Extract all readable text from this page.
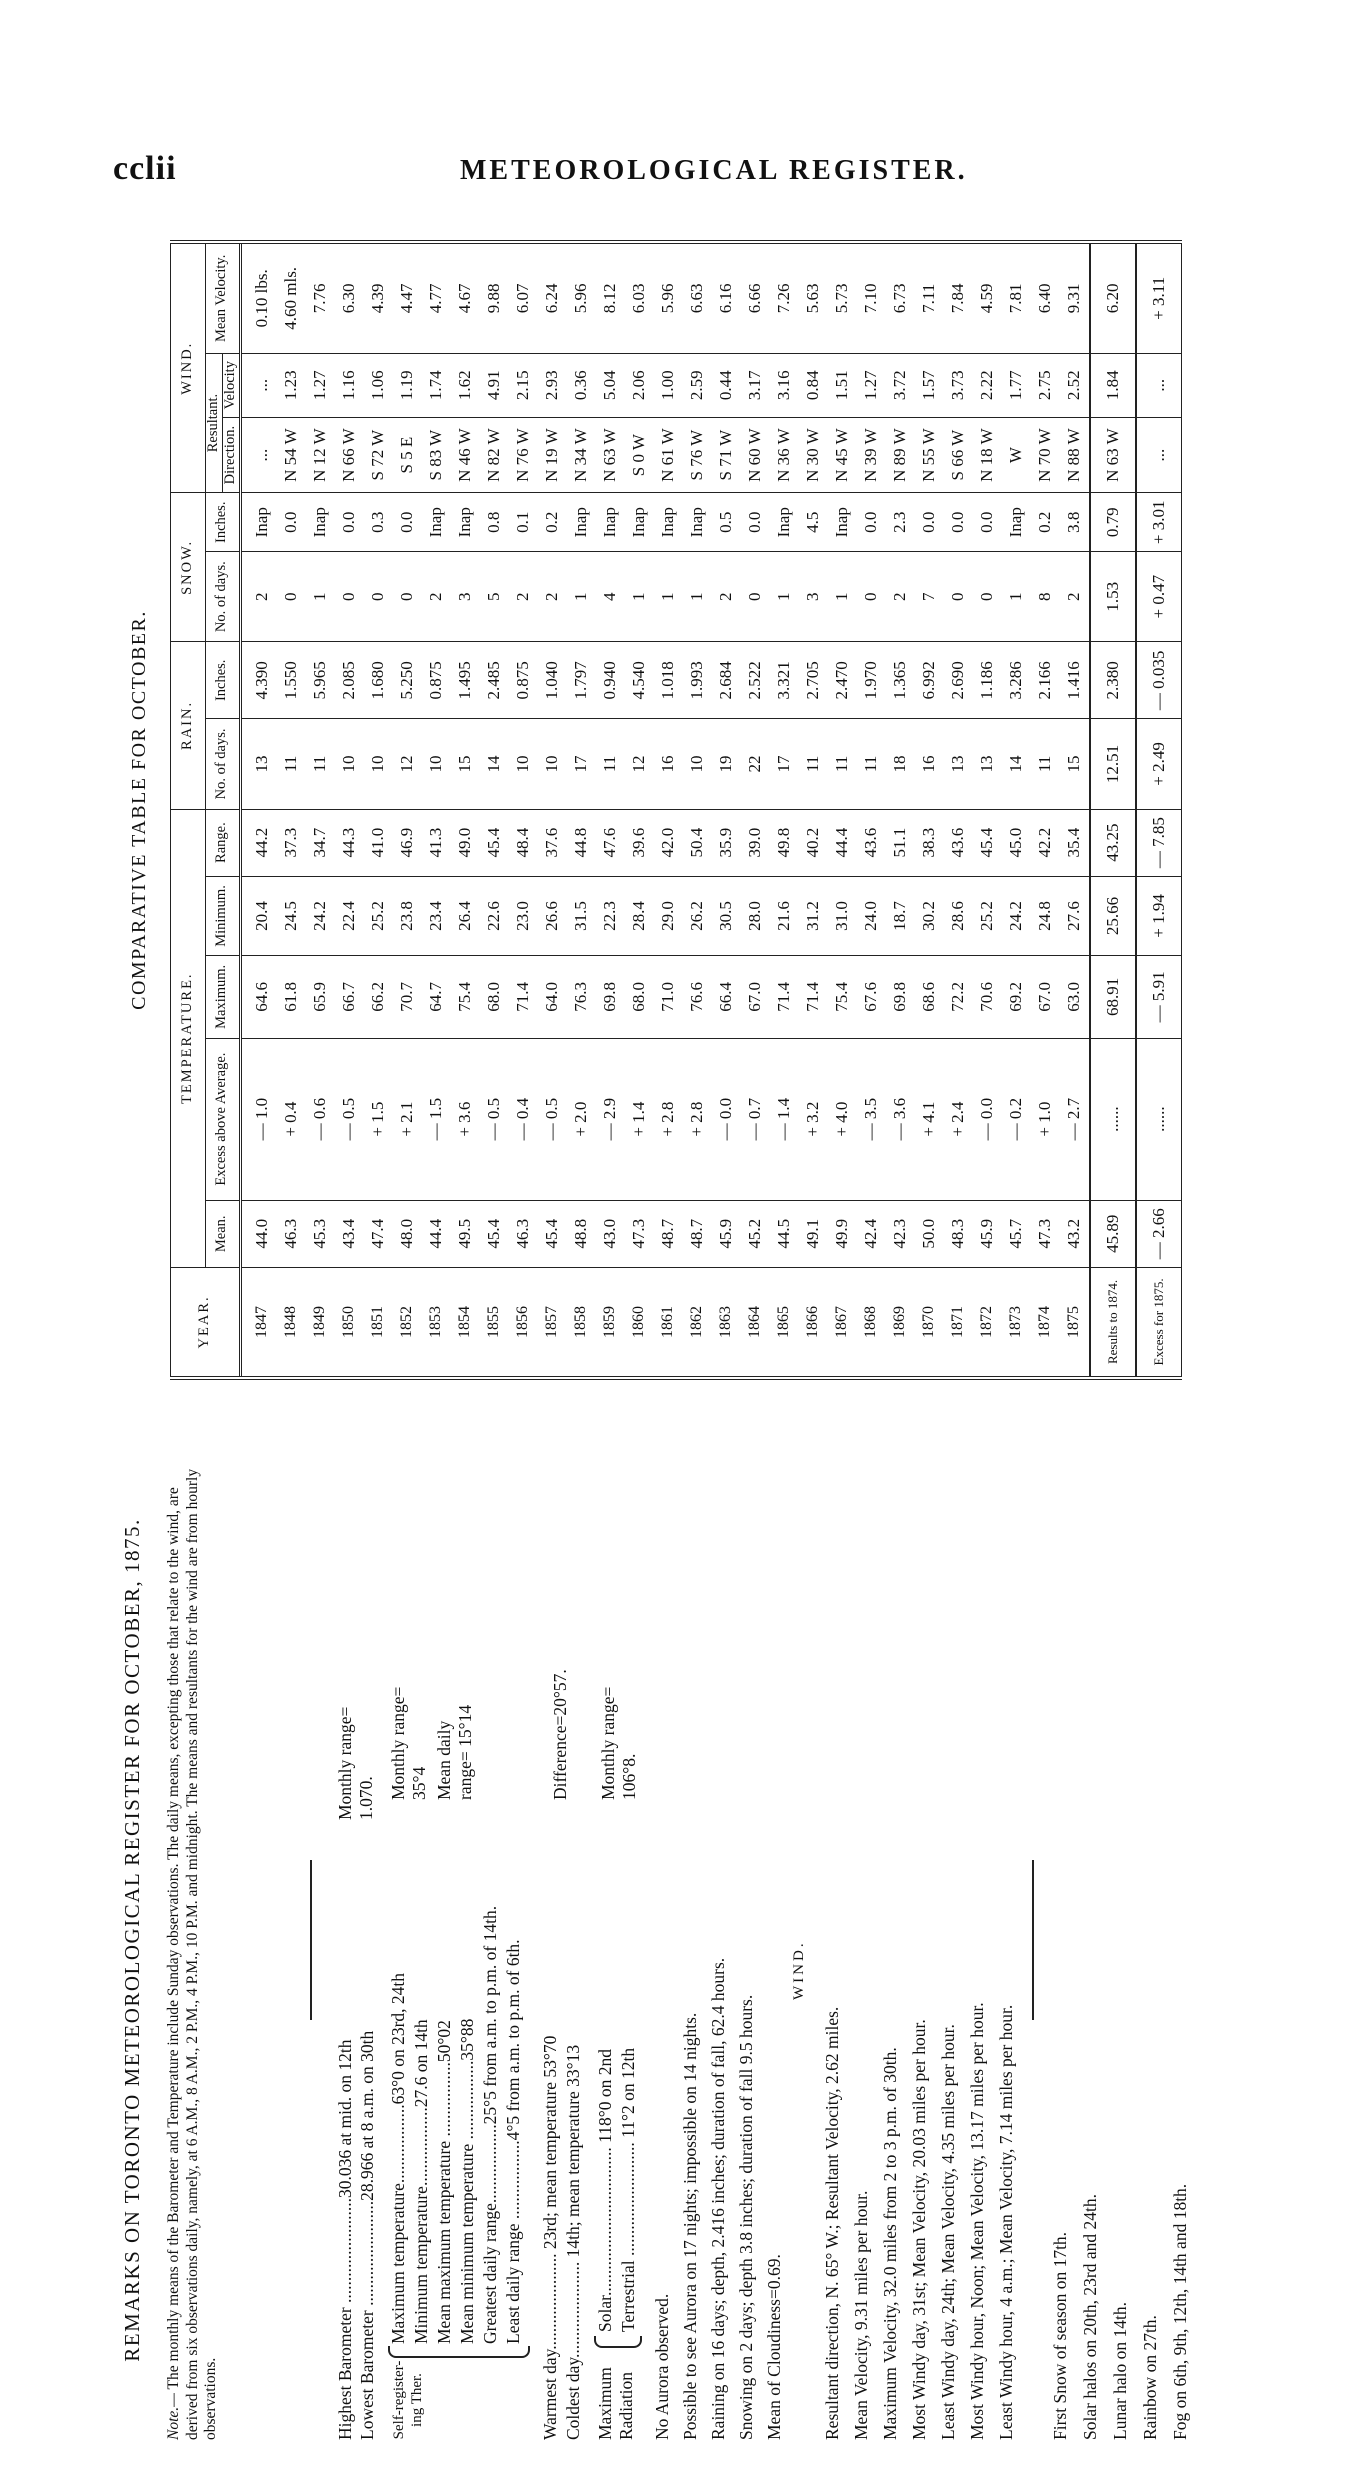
cclii	METEOROLOGICAL REGISTER.
REMARKS ON TORONTO METEOROLOGICAL REGISTER FOR OCTOBER, 1875.
Note.— The monthly means of the Barometer and Temperature include Sunday observations. The daily means, excepting those that relate to the wind, are derived from six observations daily, namely, at 6 A.M., 8 A.M., 2 P.M., 4 P.M., 10 P.M. and midnight. The means and resultants for the wind are from hourly observations.	Highest Barometer ........................30.036 at mid. on 12th Lowest Barometer ........................28.966 at 8 a.m. on 30th
Monthly range= 1.070.
Self-register-ing Ther.
Maximum temperature..................63°0 on 23rd, 24th Minimum temperature..................27.6 on 14th Mean maximum temperature .................50°02 Mean minimum temperature ..................35°88 Greatest daily range..................25°5 from a.m. to p.m. of 14th. Least daily range ..................4°5 from a.m. to p.m. of 6th.
Monthly range= 35°4 Mean daily range= 15°14
Warmest day...................... 23rd; mean temperature 53°70 Coldest day...................... 14th; mean temperature 33°13
Difference=20°57.
Maximum Radiation
Solar.................................. 118°0 on 2nd Terrestrial .......................... 11°2 on 12th
Monthly range= 106°8.
No Aurora observed. Possible to see Aurora on 17 nights; impossible on 14 nights. Raining on 16 days; depth, 2.416 inches; duration of fall, 62.4 hours. Snowing on 2 days; depth 3.8 inches; duration of fall 9.5 hours. Mean of Cloudiness=0.69.
WIND.
Resultant direction, N. 65° W.; Resultant Velocity, 2.62 miles. Mean Velocity, 9.31 miles per hour. Maximum Velocity, 32.0 miles from 2 to 3 p.m. of 30th. Most Windy day, 31st; Mean Velocity, 20.03 miles per hour. Least Windy day, 24th; Mean Velocity, 4.35 miles per hour. Most Windy hour, Noon; Mean Velocity, 13.17 miles per hour. Least Windy hour, 4 a.m.; Mean Velocity, 7.14 miles per hour. First Snow of season on 17th. Solar halos on 20th, 23rd and 24th. Lunar halo on 14th. Rainbow on 27th. Fog on 6th, 9th, 12th, 14th and 18th.
COMPARATIVE TABLE FOR OCTOBER.
YEAR.	TEMPERATURE.					RAIN.		SNOW.		WIND.		
	Mean.	Excess above Average.	Maximum.	Minimum.	Range.	No. of days.	Inches.	No. of days.	Inches.	Resultant.		Mean Velocity.
										Direction.	Velocity	
1847	44.0	— 1.0	64.6	20.4	44.2	13	4.390	2	Inap	...	...	0.10 lbs.
1848	46.3	+ 0.4	61.8	24.5	37.3	11	1.550	0	0.0	N 54 W	1.23	4.60 mls.
1849	45.3	— 0.6	65.9	24.2	34.7	11	5.965	1	Inap	N 12 W	1.27	7.76
1850	43.4	— 0.5	66.7	22.4	44.3	10	2.085	0	0.0	N 66 W	1.16	6.30
1851	47.4	+ 1.5	66.2	25.2	41.0	10	1.680	0	0.3	S 72 W	1.06	4.39
1852	48.0	+ 2.1	70.7	23.8	46.9	12	5.250	0	0.0	S 5 E	1.19	4.47
1853	44.4	— 1.5	64.7	23.4	41.3	10	0.875	2	Inap	S 83 W	1.74	4.77
1854	49.5	+ 3.6	75.4	26.4	49.0	15	1.495	3	Inap	N 46 W	1.62	4.67
1855	45.4	— 0.5	68.0	22.6	45.4	14	2.485	5	0.8	N 82 W	4.91	9.88
1856	46.3	— 0.4	71.4	23.0	48.4	10	0.875	2	0.1	N 76 W	2.15	6.07
1857	45.4	— 0.5	64.0	26.6	37.6	10	1.040	2	0.2	N 19 W	2.93	6.24
1858	48.8	+ 2.0	76.3	31.5	44.8	17	1.797	1	Inap	N 34 W	0.36	5.96
1859	43.0	— 2.9	69.8	22.3	47.6	11	0.940	4	Inap	N 63 W	5.04	8.12
1860	47.3	+ 1.4	68.0	28.4	39.6	12	4.540	1	Inap	S 0 W	2.06	6.03
1861	48.7	+ 2.8	71.0	29.0	42.0	16	1.018	1	Inap	N 61 W	1.00	5.96
1862	48.7	+ 2.8	76.6	26.2	50.4	10	1.993	1	Inap	S 76 W	2.59	6.63
1863	45.9	— 0.0	66.4	30.5	35.9	19	2.684	2	0.5	S 71 W	0.44	6.16
1864	45.2	— 0.7	67.0	28.0	39.0	22	2.522	0	0.0	N 60 W	3.17	6.66
1865	44.5	— 1.4	71.4	21.6	49.8	17	3.321	1	Inap	N 36 W	3.16	7.26
1866	49.1	+ 3.2	71.4	31.2	40.2	11	2.705	3	4.5	N 30 W	0.84	5.63
1867	49.9	+ 4.0	75.4	31.0	44.4	11	2.470	1	Inap	N 45 W	1.51	5.73
1868	42.4	— 3.5	67.6	24.0	43.6	11	1.970	0	0.0	N 39 W	1.27	7.10
1869	42.3	— 3.6	69.8	18.7	51.1	18	1.365	2	2.3	N 89 W	3.72	6.73
1870	50.0	+ 4.1	68.6	30.2	38.3	16	6.992	7	0.0	N 55 W	1.57	7.11
1871	48.3	+ 2.4	72.2	28.6	43.6	13	2.690	0	0.0	S 66 W	3.73	7.84
1872	45.9	— 0.0	70.6	25.2	45.4	13	1.186	0	0.0	N 18 W	2.22	4.59
1873	45.7	— 0.2	69.2	24.2	45.0	14	3.286	1	Inap	W	1.77	7.81
1874	47.3	+ 1.0	67.0	24.8	42.2	11	2.166	8	0.2	N 70 W	2.75	6.40
1875	43.2	— 2.7	63.0	27.6	35.4	15	1.416	2	3.8	N 88 W	2.52	9.31
Results to 1874.	45.89	......	68.91	25.66	43.25	12.51	2.380	1.53	0.79	N 63 W	1.84	6.20
Excess for 1875.	— 2.66	......	— 5.91	+ 1.94	— 7.85	+ 2.49	— 0.035	+ 0.47	+ 3.01	...	...	+ 3.11
